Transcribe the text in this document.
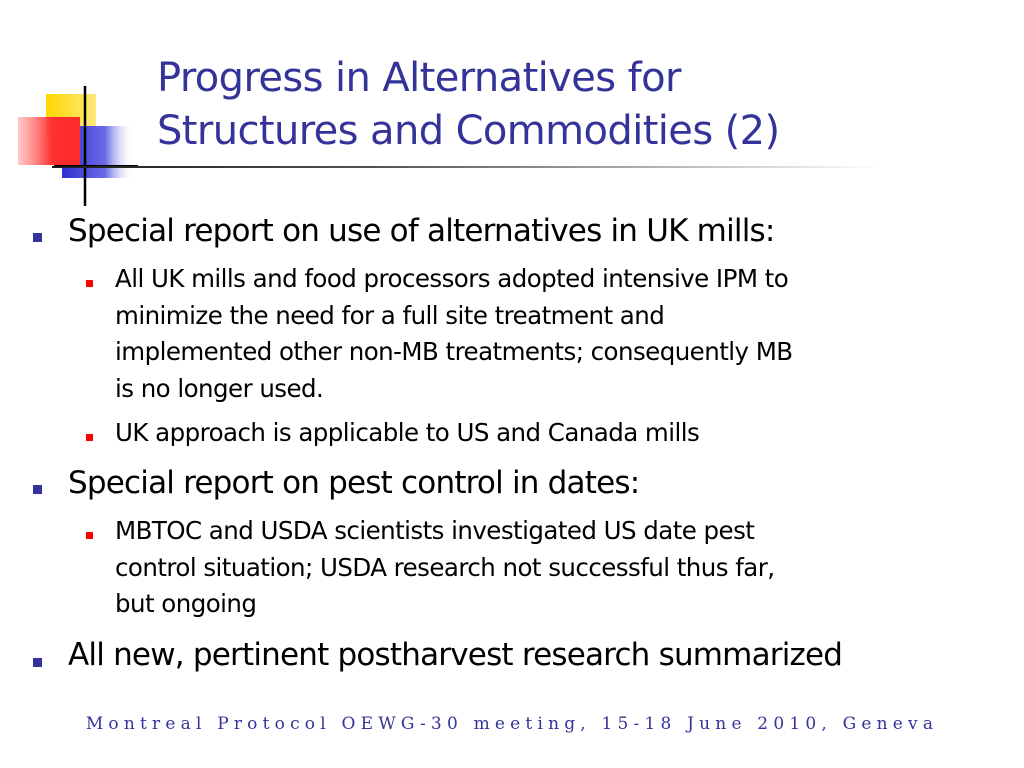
Progress in Alternatives for
Structures and Commodities (2)
Special report on use of alternatives in UK mills:
All UK mills and food processors adopted intensive IPM to
minimize the need for a full site treatment and
implemented other non-MB treatments; consequently MB
is no longer used.
UK approach is applicable to US and Canada mills
Special report on pest control in dates:
MBTOC and USDA scientists investigated US date pest
control situation; USDA research not successful thus far,
but ongoing
All new, pertinent postharvest research summarized
Montreal Protocol OEWG-30 meeting, 15-18 June 2010, Geneva
